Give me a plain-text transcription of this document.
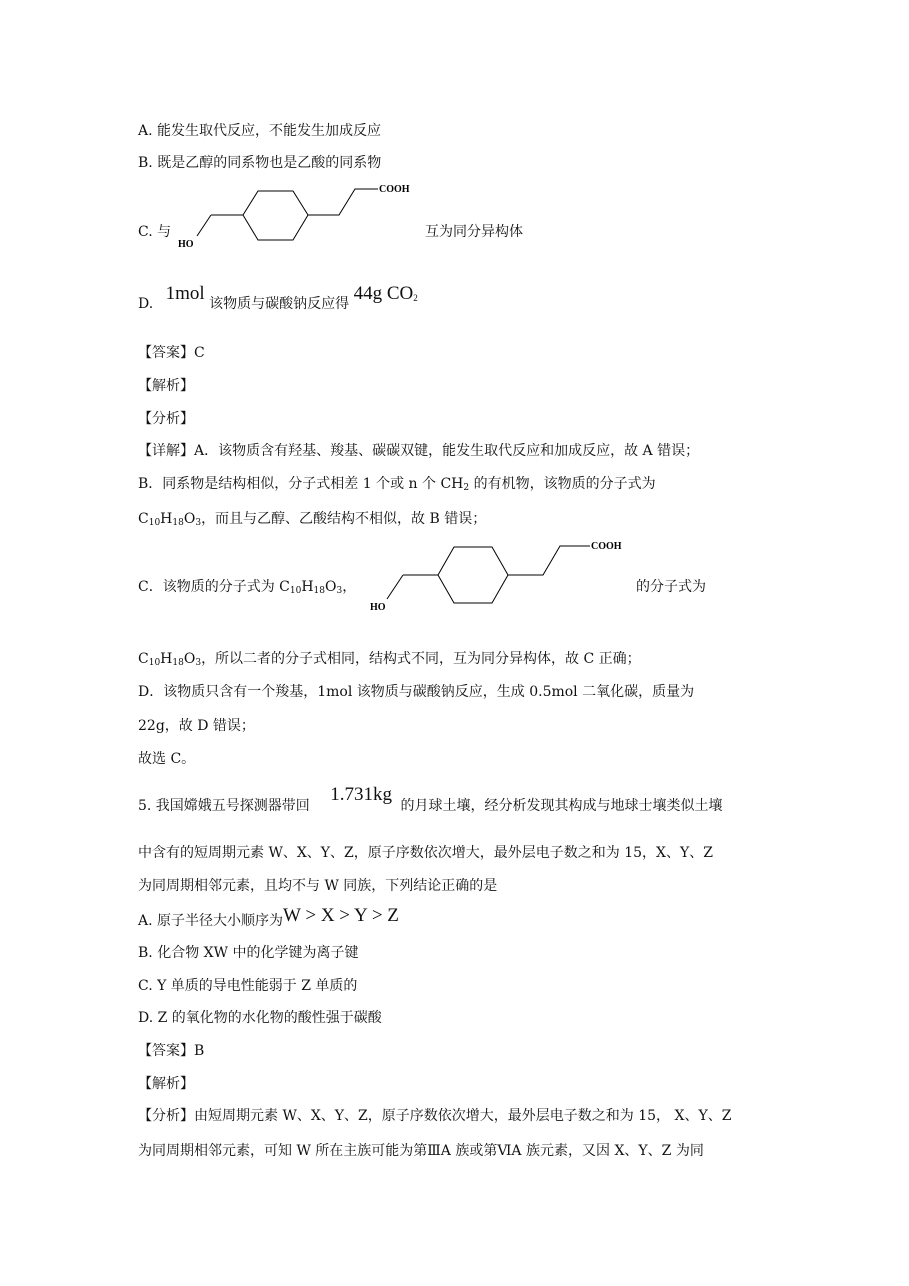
A. 能发生取代反应，不能发生加成反应
B. 既是乙醇的同系物也是乙酸的同系物
C. 与
COOH
HO
互为同分异构体
D. 1mol 该物质与碳酸钠反应得 44g $CO_2$
【答案】C
【解析】
【分析】
【详解】A．该物质含有羟基、羧基、碳碳双键，能发生取代反应和加成反应，故 A 错误；
B．同系物是结构相似，分子式相差 1 个或 n 个 $CH_2$ 的有机物，该物质的分子式为
$C_{10}H_{18}O_3$，而且与乙醇、乙酸结构不相似，故 B 错误；
C．该物质的分子式为 $C_{10}H_{18}O_3$，
COOH
HO
的分子式为
$C_{10}H_{18}O_3$，所以二者的分子式相同，结构式不同，互为同分异构体，故 C 正确；
D．该物质只含有一个羧基，1mol 该物质与碳酸钠反应，生成 0.5mol 二氧化碳，质量为
22g，故 D 错误；
故选 C。
5. 我国嫦娥五号探测器带回 1.731kg 的月球土壤，经分析发现其构成与地球士壤类似土壤
中含有的短周期元素 W、X、Y、Z，原子序数依次增大，最外层电子数之和为 15，X、Y、Z
为同周期相邻元素，且均不与 W 同族，下列结论正确的是
A. 原子半径大小顺序为W > X > Y > Z
B. 化合物 XW 中的化学键为离子键
C. Y 单质的导电性能弱于 Z 单质的
D. Z 的氧化物的水化物的酸性强于碳酸
【答案】B
【解析】
【分析】由短周期元素 W、X、Y、Z，原子序数依次增大，最外层电子数之和为 15， X、Y、Z
为同周期相邻元素，可知 W 所在主族可能为第ⅢA 族或第ⅥA 族元素，又因 X、Y、Z 为同
